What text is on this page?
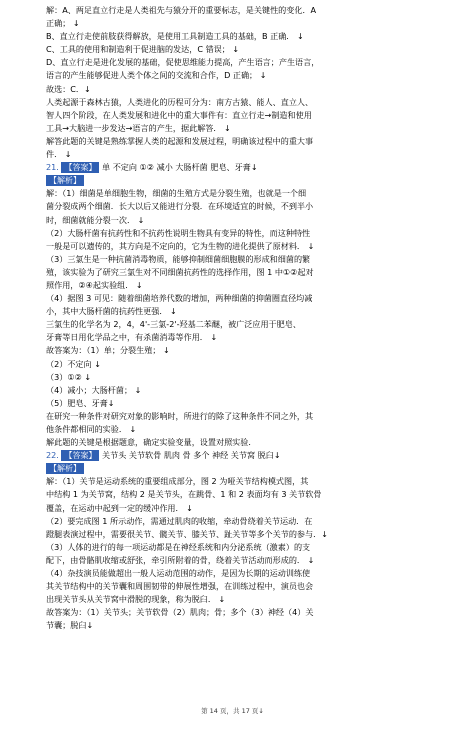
解：A、两足直立行走是人类祖先与猿分开的重要标志，是关键性的变化．A

正确； ↓

B、直立行走使前肢获得解放，是使用工具制造工具的基础，B 正确． ↓

C、工具的使用和制造利于促进脑的发达，C 错误； ↓

D、直立行走是进化发展的基础，促使思维能力提高，产生语言；产生语言，

语言的产生能够促进人类个体之间的交流和合作，D 正确； ↓

故选：C．↓

人类起源于森林古猿，人类进化的历程可分为：南方古猿、能人、直立人、

智人四个阶段，在人类发展和进化中的重大事件有：直立行走→制造和使用

工具→大脑进一步发达→语言的产生，据此解答． ↓

解答此题的关键是熟练掌握人类的起源和发展过程，明确该过程中的重大事

件． ↓

21. 【答案】 单 不定向 ①② 减小 大肠杆菌 肥皂、牙膏↓

【解析】

解：（1）细菌是单细胞生物，细菌的生殖方式是分裂生殖，也就是一个细

菌分裂成两个细菌．长大以后又能进行分裂．在环境适宜的时候，不到半小

时，细菌就能分裂一次． ↓

（2）大肠杆菌有抗药性和不抗药性说明生物具有变异的特性，而这种特性

一般是可以遗传的，其方向是不定向的，它为生物的进化提供了原材料． ↓

（3）三氯生是一种抗菌消毒物质，能够抑制细菌细胞膜的形成和细菌的繁

殖，该实验为了研究三氯生对不同细菌抗药性的选择作用，图 1 中①②起对

照作用，②④起实验组． ↓

（4）据图 3 可见：随着细菌培养代数的增加，两种细菌的抑菌圈直径均减

小，其中大肠杆菌的抗药性更强． ↓

三氯生的化学名为 2，4，4'-三氯-2'-羟基二苯醚，被广泛应用于肥皂、

牙膏等日用化学品之中，有杀菌消毒等作用． ↓

故答案为：（1）单；分裂生殖； ↓

（2）不定向 ↓

（3）①② ↓

（4）减小；大肠杆菌； ↓

（5）肥皂、牙膏↓

在研究一种条件对研究对象的影响时，所进行的除了这种条件不同之外，其

他条件都相同的实验． ↓

解此题的关键是根据题意，确定实验变量，设置对照实验．

22. 【答案】 关节头 关节软骨 肌肉 骨 多个 神经 关节窝 脱臼↓

【解析】

解：（1）关节是运动系统的重要组成部分，图 2 为哑关节结构模式图，其

中结构 1 为关节窝，结构 2 是关节头，在跳骨、1 和 2 表面均有 3 关节软骨

覆盖，在运动中起到一定的缓冲作用． ↓

（2）要完成图 1 所示动作，需通过肌肉的收缩，牵动骨绕着关节运动．在

蹬腿表演过程中，需要很关节、髋关节、膝关节、趾关节等多个关节的参与．↓

（3）人体的进行的每一项运动都是在神经系统和内分泌系统（激素）的支

配下，由骨骼肌收缩或舒张，牵引所附着的骨，绕着关节活动而形成的． ↓

（4）杂技演员能做超出一般人运动范围的动作，是因为长期的运动训练使

其关节结构中的关节囊和周围韧带的伸展性增强，在训练过程中，演员也会

出现关节头从关节窝中滑脱的现象，称为脱臼． ↓

故答案为：（1）关节头；关节软骨（2）肌肉；骨；多个（3）神经（4）关

节囊；脱臼↓

第 14 页，共 17 页↓
